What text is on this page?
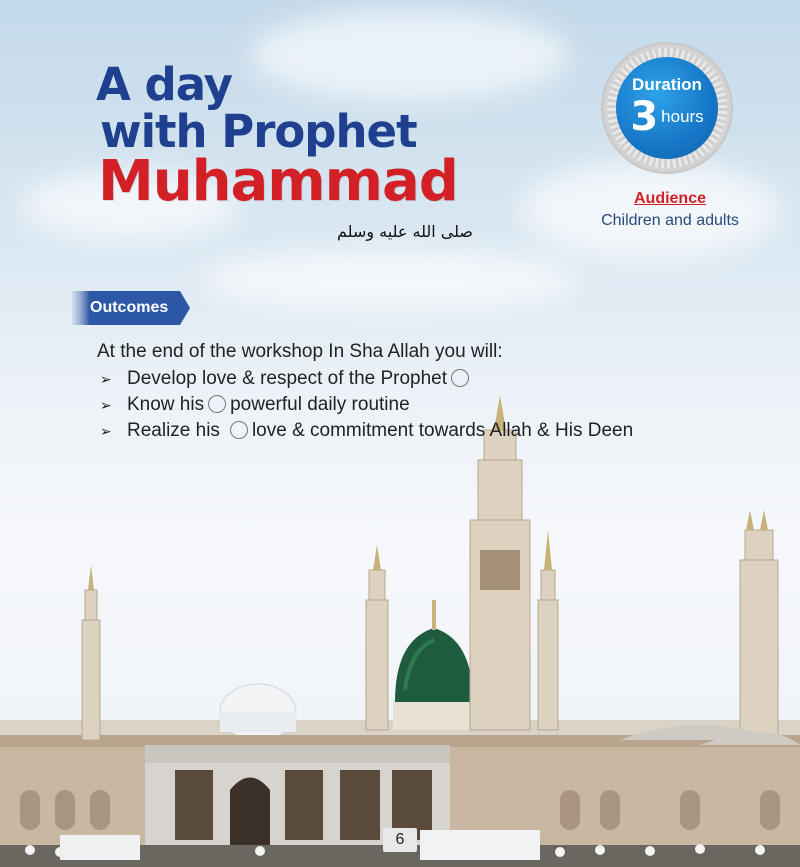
A day
with Prophet
Muhammad
صلى الله عليه وسلم
Duration
3 hours
Audience
Children and adults
Outcomes
At the end of the workshop In Sha Allah you will:
➢ Develop love & respect of the Prophet
➢ Know his powerful daily routine
➢ Realize his love & commitment towards Allah & His Deen
6
